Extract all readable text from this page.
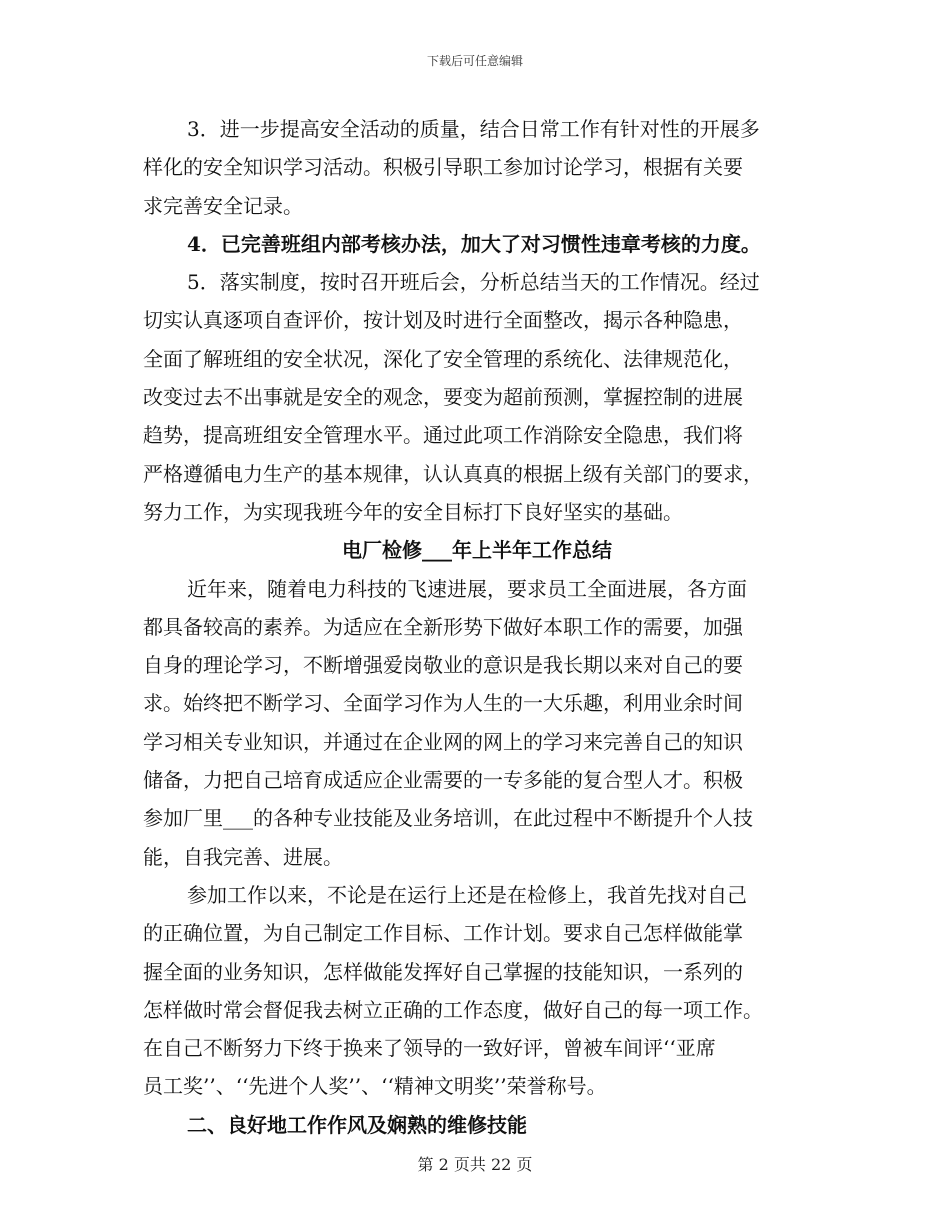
下载后可任意编辑
3．进一步提高安全活动的质量，结合日常工作有针对性的开展多
样化的安全知识学习活动。积极引导职工参加讨论学习，根据有关要
求完善安全记录。
4．已完善班组内部考核办法，加大了对习惯性违章考核的力度。
5．落实制度，按时召开班后会，分析总结当天的工作情况。经过
切实认真逐项自查评价，按计划及时进行全面整改，揭示各种隐患，
全面了解班组的安全状况，深化了安全管理的系统化、法律规范化，
改变过去不出事就是安全的观念，要变为超前预测，掌握控制的进展
趋势，提高班组安全管理水平。通过此项工作消除安全隐患，我们将
严格遵循电力生产的基本规律，认认真真的根据上级有关部门的要求，
努力工作，为实现我班今年的安全目标打下良好坚实的基础。
电厂检修___年上半年工作总结
近年来，随着电力科技的飞速进展，要求员工全面进展，各方面
都具备较高的素养。为适应在全新形势下做好本职工作的需要，加强
自身的理论学习，不断增强爱岗敬业的意识是我长期以来对自己的要
求。始终把不断学习、全面学习作为人生的一大乐趣，利用业余时间
学习相关专业知识，并通过在企业网的网上的学习来完善自己的知识
储备，力把自己培育成适应企业需要的一专多能的复合型人才。积极
参加厂里___的各种专业技能及业务培训，在此过程中不断提升个人技
能，自我完善、进展。
参加工作以来，不论是在运行上还是在检修上，我首先找对自己
的正确位置，为自己制定工作目标、工作计划。要求自己怎样做能掌
握全面的业务知识，怎样做能发挥好自己掌握的技能知识，一系列的
怎样做时常会督促我去树立正确的工作态度，做好自己的每一项工作。
在自己不断努力下终于换来了领导的一致好评，曾被车间评‘‘亚席
员工奖’’、‘‘先进个人奖’’、‘‘精神文明奖’’荣誉称号。
二、良好地工作作风及娴熟的维修技能
第 2 页共 22 页
